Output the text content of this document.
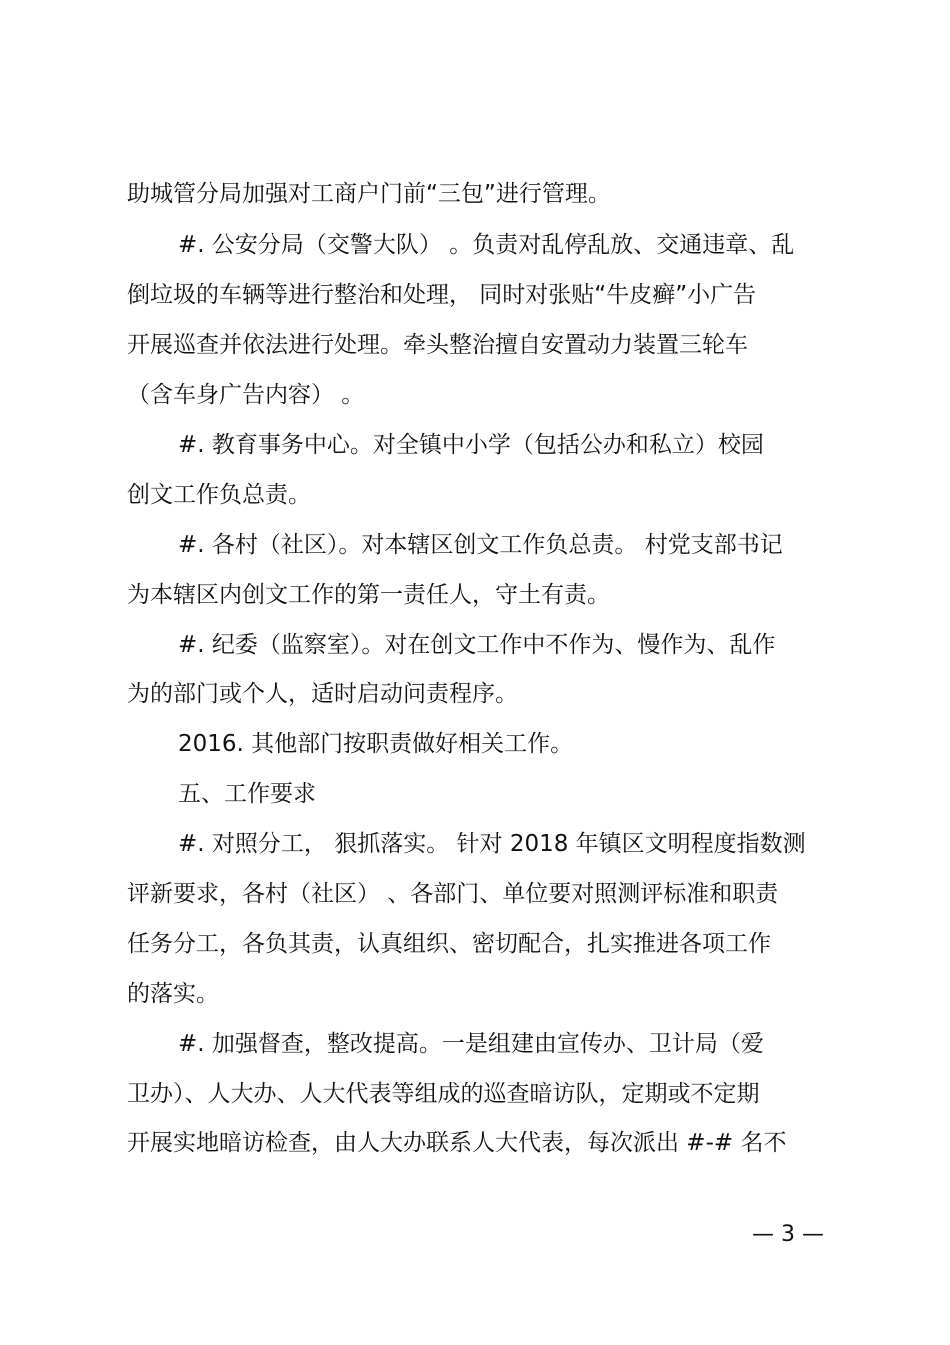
助城管分局加强对工商户门前“三包”进行管理。
#. 公安分局（交警大队） 。负责对乱停乱放、交通违章、乱
倒垃圾的车辆等进行整治和处理， 同时对张贴“牛皮癣”小广告
开展巡查并依法进行处理。牵头整治擅自安置动力装置三轮车
（含车身广告内容） 。
#. 教育事务中心。对全镇中小学（包括公办和私立）校园
创文工作负总责。
#. 各村（社区）。对本辖区创文工作负总责。 村党支部书记
为本辖区内创文工作的第一责任人，守土有责。
#. 纪委（监察室）。对在创文工作中不作为、慢作为、乱作
为的部门或个人，适时启动问责程序。
2016. 其他部门按职责做好相关工作。
五、工作要求
#. 对照分工， 狠抓落实。 针对 2018 年镇区文明程度指数测
评新要求，各村（社区） 、各部门、单位要对照测评标准和职责
任务分工，各负其责，认真组织、密切配合，扎实推进各项工作
的落实。
#. 加强督查，整改提高。一是组建由宣传办、卫计局（爱
卫办）、人大办、人大代表等组成的巡查暗访队，定期或不定期
开展实地暗访检查，由人大办联系人大代表，每次派出 #-# 名不
— 3 —
